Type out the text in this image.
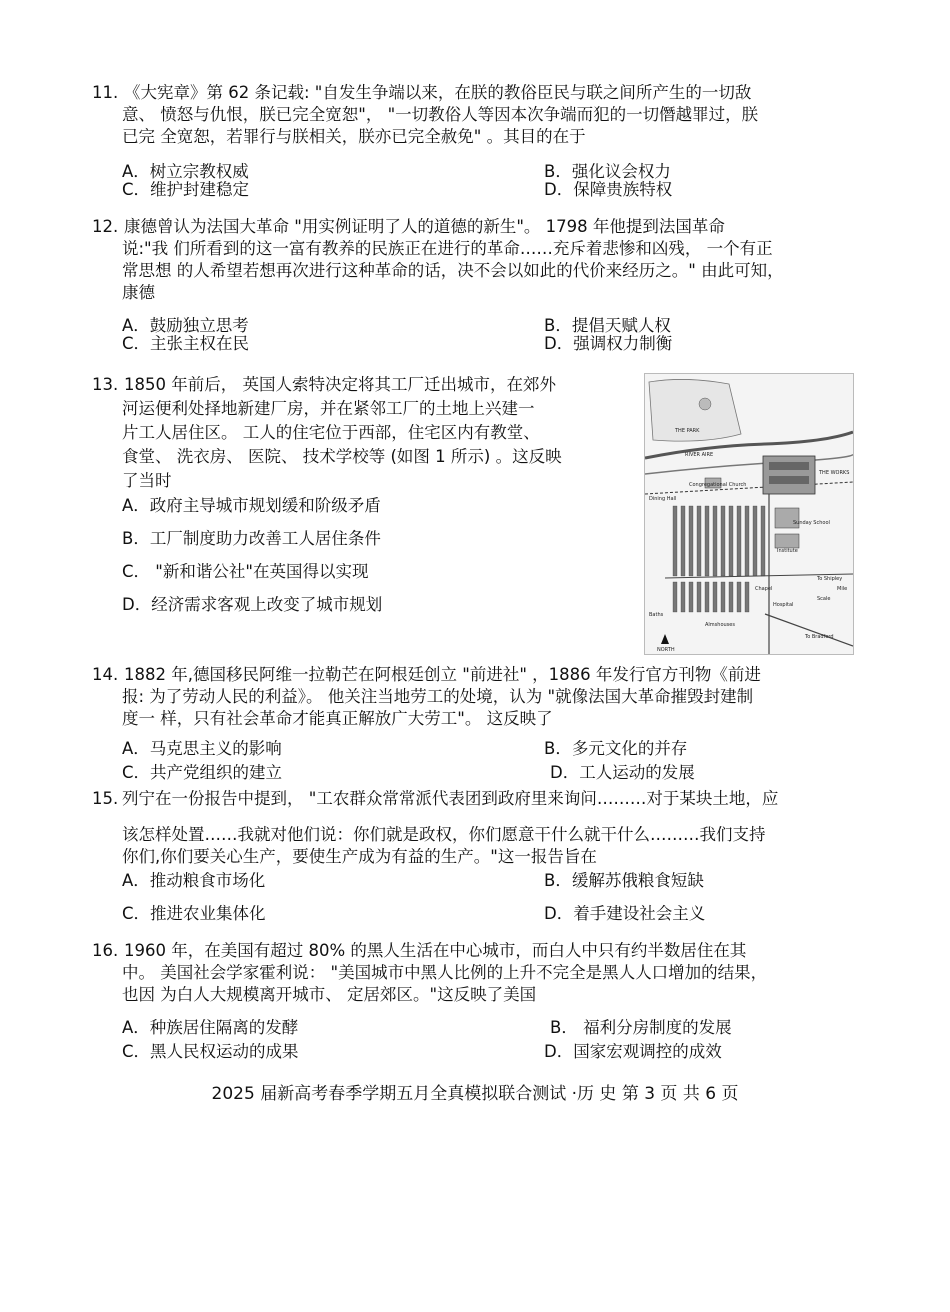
11. 《大宪章》第 62 条记载: "自发生争端以来，在朕的教俗臣民与联之间所产生的一切敌
意、 愤怒与仇恨，朕已完全宽恕"， "一切教俗人等因本次争端而犯的一切僭越罪过，朕
已完 全宽恕，若罪行与朕相关，朕亦已完全赦免" 。其目的在于
A．树立宗教权威	B．强化议会权力
C．维护封建稳定	D．保障贵族特权
12. 康德曾认为法国大革命 "用实例证明了人的道德的新生"。 1798 年他提到法国革命
说:"我 们所看到的这一富有教养的民族正在进行的革命……充斥着悲惨和凶残， 一个有正
常思想 的人希望若想再次进行这种革命的话，决不会以如此的代价来经历之。" 由此可知，
康德
A．鼓励独立思考	B．提倡天赋人权
C．主张主权在民	D．强调权力制衡
13. 1850 年前后， 英国人索特决定将其工厂迁出城市，在郊外
河运便利处择地新建厂房，并在紧邻工厂的土地上兴建一
片工人居住区。 工人的住宅位于西部，住宅区内有教堂、
食堂、 洗衣房、 医院、 技术学校等 (如图 1 所示) 。这反映
了当时
A．政府主导城市规划缓和阶级矛盾
B．工厂制度助力改善工人居住条件
C． "新和谐公社"在英国得以实现
D．经济需求客观上改变了城市规划
THE PARK
RIVER AIRE
THE WORKS
Congregational Church
Chapel
To Shipley
To Bradford
Institute
Sunday School
Almshouses
Hospital
NORTH
Baths
Dining Hall
Scale
Mile
14. 1882 年,德国移民阿维一拉勒芒在阿根廷创立 "前进社" ，1886 年发行官方刊物《前进
报: 为了劳动人民的利益》。 他关注当地劳工的处境，认为 "就像法国大革命摧毁封建制
度一 样，只有社会革命才能真正解放广大劳工"。 这反映了
A．马克思主义的影响	B．多元文化的并存
C．共产党组织的建立	D．工人运动的发展
15. 列宁在一份报告中提到， "工农群众常常派代表团到政府里来询问………对于某块土地，应
该怎样处置……我就对他们说：你们就是政权，你们愿意干什么就干什么………我们支持
你们,你们要关心生产，要使生产成为有益的生产。"这一报告旨在
A．推动粮食市场化	B．缓解苏俄粮食短缺
C．推进农业集体化	D．着手建设社会主义
16. 1960 年，在美国有超过 80% 的黑人生活在中心城市，而白人中只有约半数居住在其
中。 美国社会学家霍利说： "美国城市中黑人比例的上升不完全是黑人人口增加的结果，
也因 为白人大规模离开城市、 定居郊区。"这反映了美国
A．种族居住隔离的发酵	B． 福利分房制度的发展
C．黑人民权运动的成果	D．国家宏观调控的成效
2025 届新高考春季学期五月全真模拟联合测试 ·历 史 第 3 页 共 6 页
